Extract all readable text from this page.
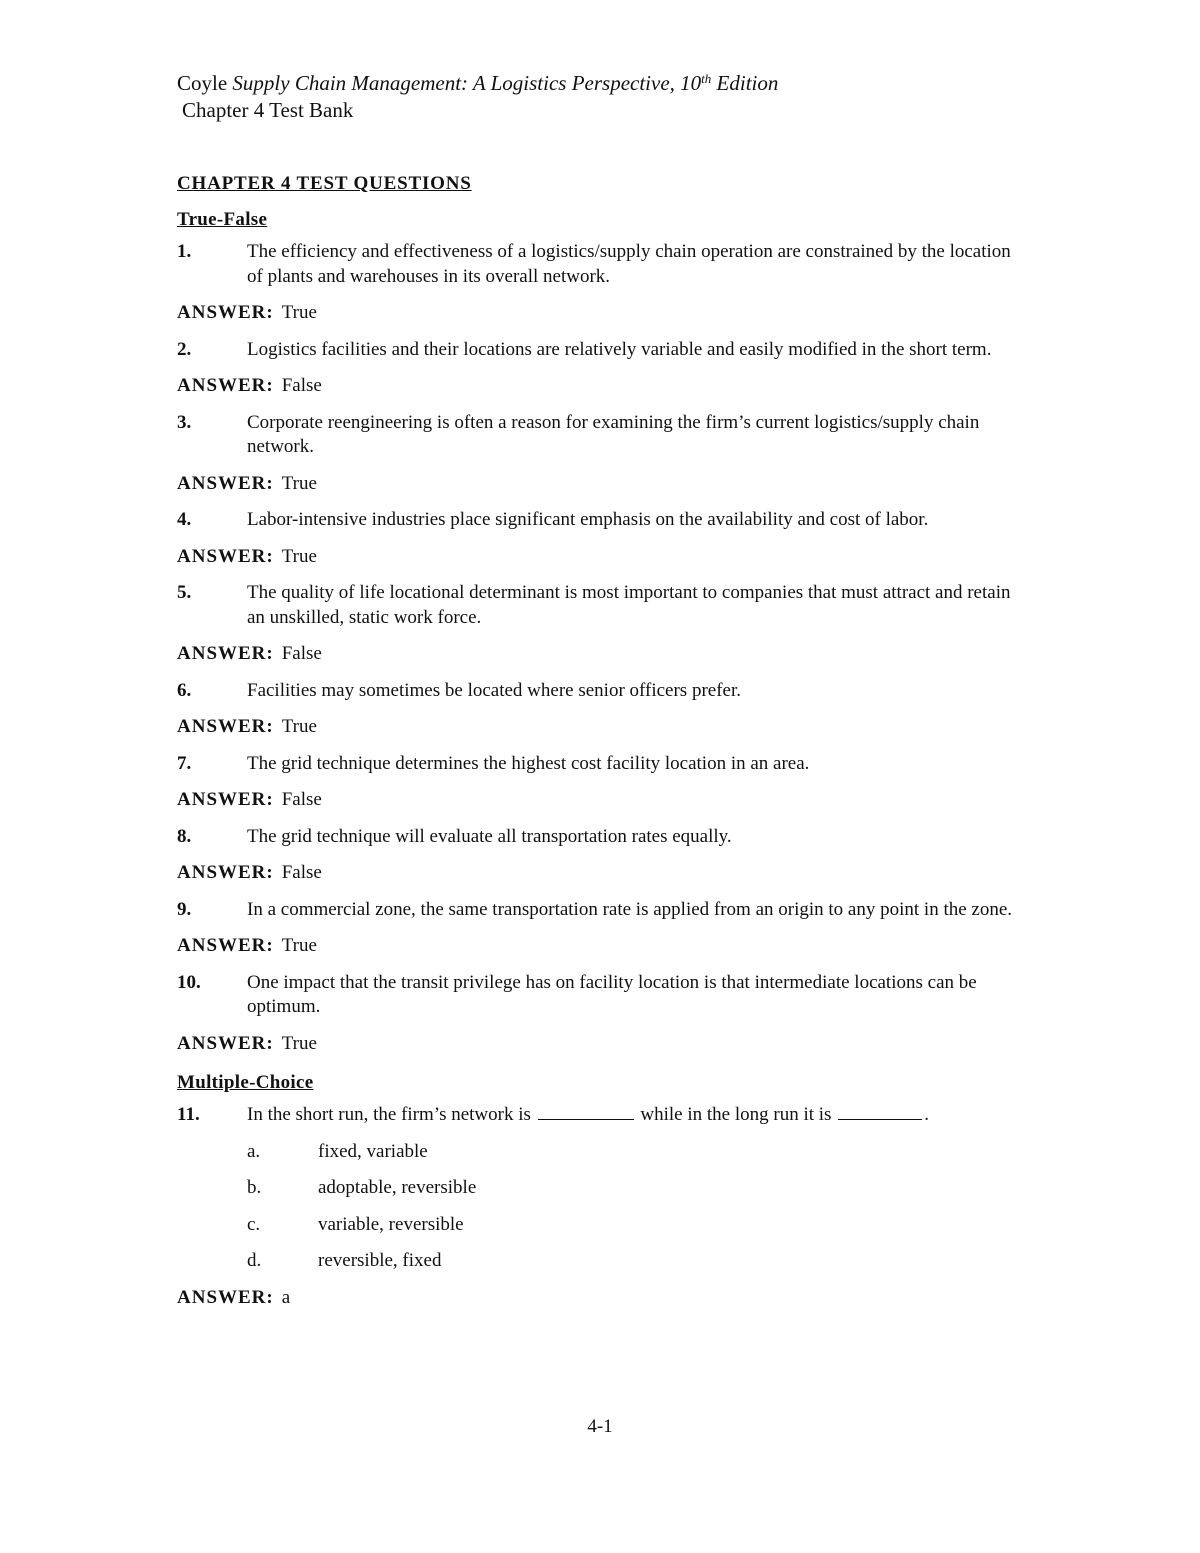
Coyle Supply Chain Management: A Logistics Perspective, 10th Edition
Chapter 4 Test Bank
CHAPTER 4 TEST QUESTIONS
True-False
1.	The efficiency and effectiveness of a logistics/supply chain operation are constrained by the location of plants and warehouses in its overall network.
ANSWER: True
2.	Logistics facilities and their locations are relatively variable and easily modified in the short term.
ANSWER: False
3.	Corporate reengineering is often a reason for examining the firm’s current logistics/supply chain network.
ANSWER: True
4.	Labor-intensive industries place significant emphasis on the availability and cost of labor.
ANSWER: True
5.	The quality of life locational determinant is most important to companies that must attract and retain an unskilled, static work force.
ANSWER: False
6.	Facilities may sometimes be located where senior officers prefer.
ANSWER: True
7.	The grid technique determines the highest cost facility location in an area.
ANSWER: False
8.	The grid technique will evaluate all transportation rates equally.
ANSWER: False
9.	In a commercial zone, the same transportation rate is applied from an origin to any point in the zone.
ANSWER: True
10.	One impact that the transit privilege has on facility location is that intermediate locations can be optimum.
ANSWER: True
Multiple-Choice
11.	In the short run, the firm’s network is	while in the long run it is	.
a.	fixed, variable
b.	adoptable, reversible
c.	variable, reversible
d.	reversible, fixed
ANSWER: a
4-1
